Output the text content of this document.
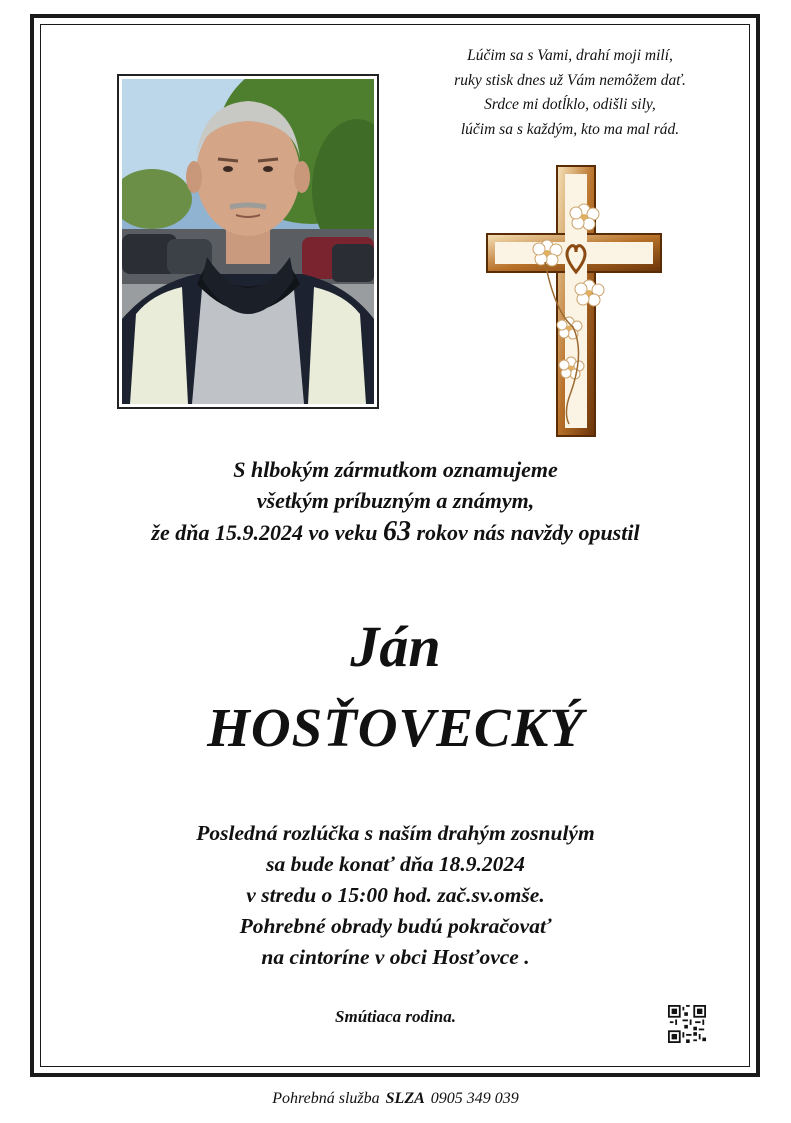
Lúčim sa s Vami, drahí moji milí,
ruky stisk dnes už Vám nemôžem dať.
Srdce mi dotĺklo, odišli sily,
lúčim sa s každým, kto ma mal rád.
S hlbokým zármutkom oznamujeme
všetkým príbuzným a známym,
že dňa 15.9.2024 vo veku 63 rokov nás navždy opustil
Ján
HOSŤOVECKÝ
Posledná rozlúčka s naším drahým zosnulým
sa bude konať dňa 18.9.2024
v stredu o 15:00 hod. zač.sv.omše.
Pohrebné obrady budú pokračovať
na cintoríne v obci Hosťovce .
Smútiaca rodina.
Pohrebná služba SLZA 0905 349 039
